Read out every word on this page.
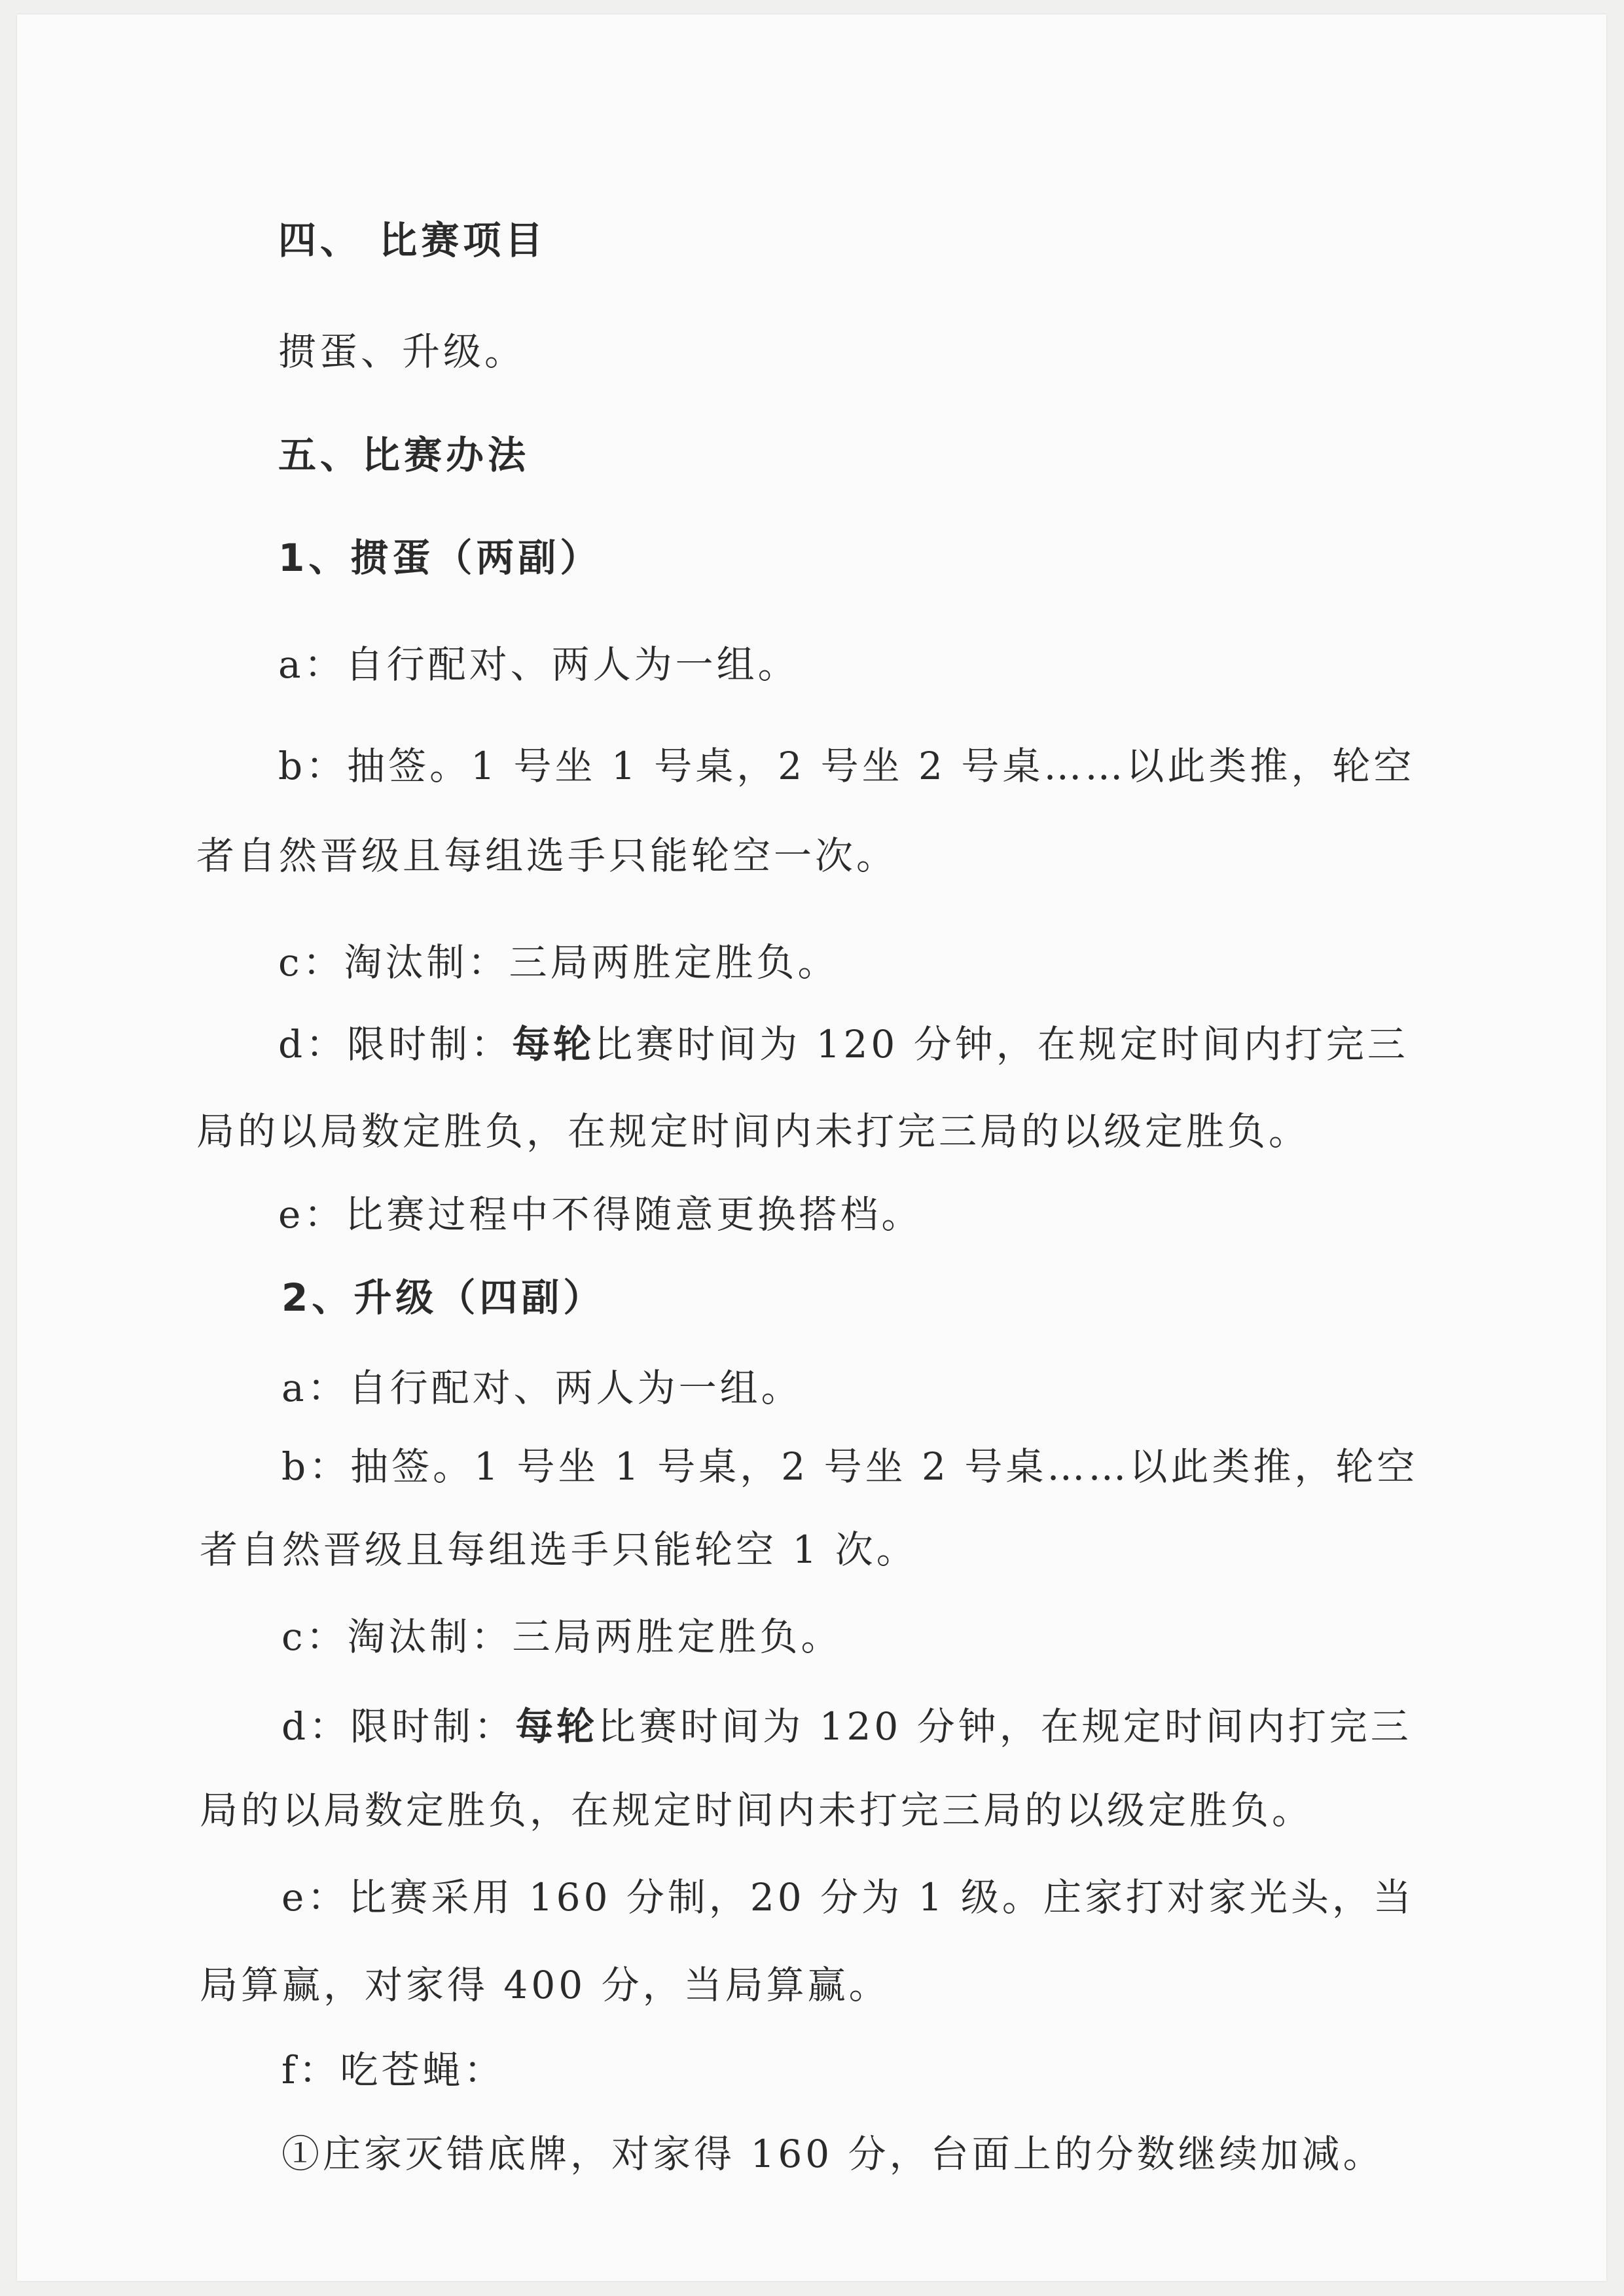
四、 比赛项目
掼蛋、升级。
五、比赛办法
1、掼蛋（两副）
a：自行配对、两人为一组。
b：抽签。1 号坐 1 号桌，2 号坐 2 号桌……以此类推，轮空
者自然晋级且每组选手只能轮空一次。
c：淘汰制：三局两胜定胜负。
d：限时制：每轮比赛时间为 120 分钟，在规定时间内打完三
局的以局数定胜负，在规定时间内未打完三局的以级定胜负。
e：比赛过程中不得随意更换搭档。
2、升级（四副）
a：自行配对、两人为一组。
b：抽签。1 号坐 1 号桌，2 号坐 2 号桌……以此类推，轮空
者自然晋级且每组选手只能轮空 1 次。
c：淘汰制：三局两胜定胜负。
d：限时制：每轮比赛时间为 120 分钟，在规定时间内打完三
局的以局数定胜负，在规定时间内未打完三局的以级定胜负。
e：比赛采用 160 分制，20 分为 1 级。庄家打对家光头，当
局算赢，对家得 400 分，当局算赢。
f：吃苍蝇：
①庄家灭错底牌，对家得 160 分，台面上的分数继续加减。
